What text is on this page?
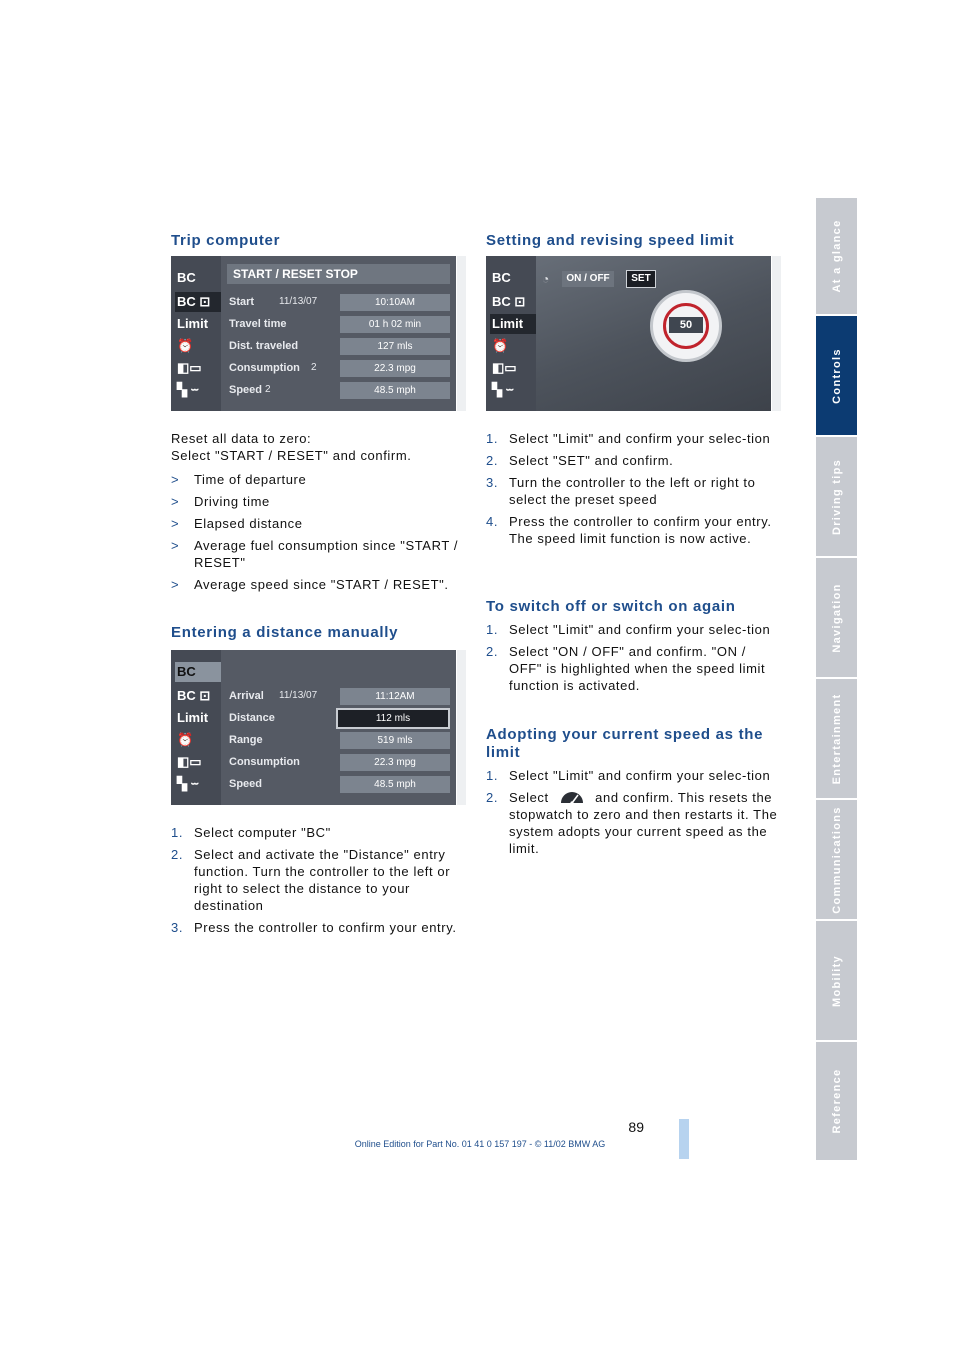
Trip computer
BC
BC ⊡
Limit
⏰
◧▭
▚ ⏖
START / RESET STOP
Start 11/13/07	10:10AM
Travel time	01 h 02 min
Dist. traveled	127 mls
Consumption 2	22.3 mpg
Speed 2	48.5 mph

Reset all data to zero:

Select "START / RESET" and confirm.

> Time of departure
> Driving time
> Elapsed distance
> Average fuel consumption since "START / RESET"
> Average speed since "START / RESET".
Entering a distance manually
BC
BC ⊡
Limit
⏰
◧▭
▚ ⏖
Arrival 11/13/07	11:12AM
Distance	112 mls
Range	519 mls
Consumption	22.3 mpg
Speed	48.5 mph
1. Select computer "BC"
2. Select and activate the "Distance" entry function. Turn the controller to the left or right to select the distance to your destination
3. Press the controller to confirm your entry.
Setting and revising speed limit
BC
BC ⊡
Limit
⏰
◧▭
▚ ⏖
◔	ON / OFF	SET
50
1. Select "Limit" and confirm your selec-tion
2. Select "SET" and confirm.
3. Turn the controller to the left or right to select the preset speed
4. Press the controller to confirm your entry. The speed limit function is now active.
To switch off or switch on again
1. Select "Limit" and confirm your selec-tion
2. Select "ON / OFF" and confirm. "ON / OFF" is highlighted when the speed limit function is activated.
Adopting your current speed as the limit
1. Select "Limit" and confirm your selec-tion
2. Select	and confirm. This resets the stopwatch to zero and then restarts it. The system adopts your current speed as the limit.
At a glance
Controls
Driving tips
Navigation
Entertainment
Communications
Mobility
Reference
89
Online Edition for Part No. 01 41 0 157 197 - © 11/02 BMW AG
